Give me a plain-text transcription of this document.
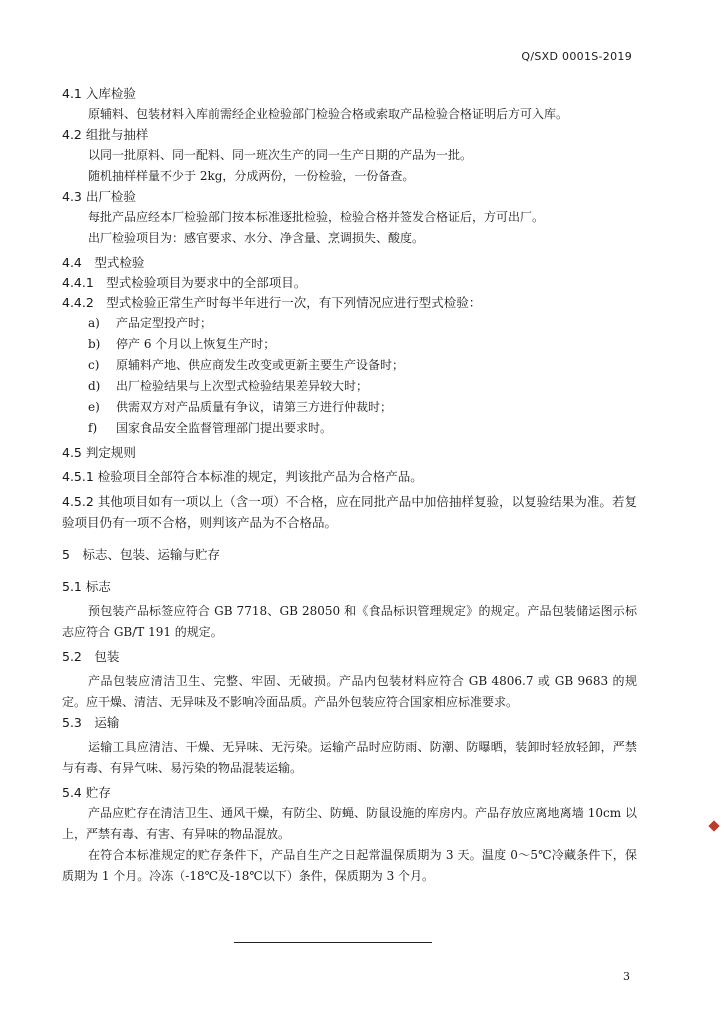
Q/SXD 0001S-2019

4.1 入库检验

原辅料、包装材料入库前需经企业检验部门检验合格或索取产品检验合格证明后方可入库。

4.2 组批与抽样

以同一批原料、同一配料、同一班次生产的同一生产日期的产品为一批。

随机抽样样量不少于 2kg，分成两份，一份检验，一份备查。

4.3 出厂检验

每批产品应经本厂检验部门按本标准逐批检验，检验合格并签发合格证后，方可出厂。

出厂检验项目为：感官要求、水分、净含量、烹调损失、酸度。

4.4　型式检验

4.4.1　型式检验项目为要求中的全部项目。

4.4.2　型式检验正常生产时每半年进行一次，有下列情况应进行型式检验：

a) 产品定型投产时；

b) 停产 6 个月以上恢复生产时；

c) 原辅料产地、供应商发生改变或更新主要生产设备时；

d) 出厂检验结果与上次型式检验结果差异较大时；

e) 供需双方对产品质量有争议，请第三方进行仲裁时；

f) 国家食品安全监督管理部门提出要求时。

4.5 判定规则

4.5.1 检验项目全部符合本标准的规定，判该批产品为合格产品。

4.5.2 其他项目如有一项以上（含一项）不合格，应在同批产品中加倍抽样复验，以复验结果为准。若复验项目仍有一项不合格，则判该产品为不合格品。

5　标志、包装、运输与贮存

5.1 标志

预包装产品标签应符合 GB 7718、GB 28050 和《食品标识管理规定》的规定。产品包装储运图示标志应符合 GB/T 191 的规定。

5.2　包装

产品包装应清洁卫生、完整、牢固、无破损。产品内包装材料应符合 GB 4806.7 或 GB 9683 的规定。应干燥、清洁、无异味及不影响冷面品质。产品外包装应符合国家相应标准要求。

5.3　运输

运输工具应清洁、干燥、无异味、无污染。运输产品时应防雨、防潮、防曝晒，装卸时轻放轻卸，严禁与有毒、有异气味、易污染的物品混装运输。

5.4 贮存

产品应贮存在清洁卫生、通风干燥，有防尘、防蝇、防鼠设施的库房内。产品存放应离地离墙 10cm 以上，严禁有毒、有害、有异味的物品混放。

在符合本标准规定的贮存条件下，产品自生产之日起常温保质期为 3 天。温度 0～5℃冷藏条件下，保质期为 1 个月。冷冻（-18℃及-18℃以下）条件，保质期为 3 个月。

3
